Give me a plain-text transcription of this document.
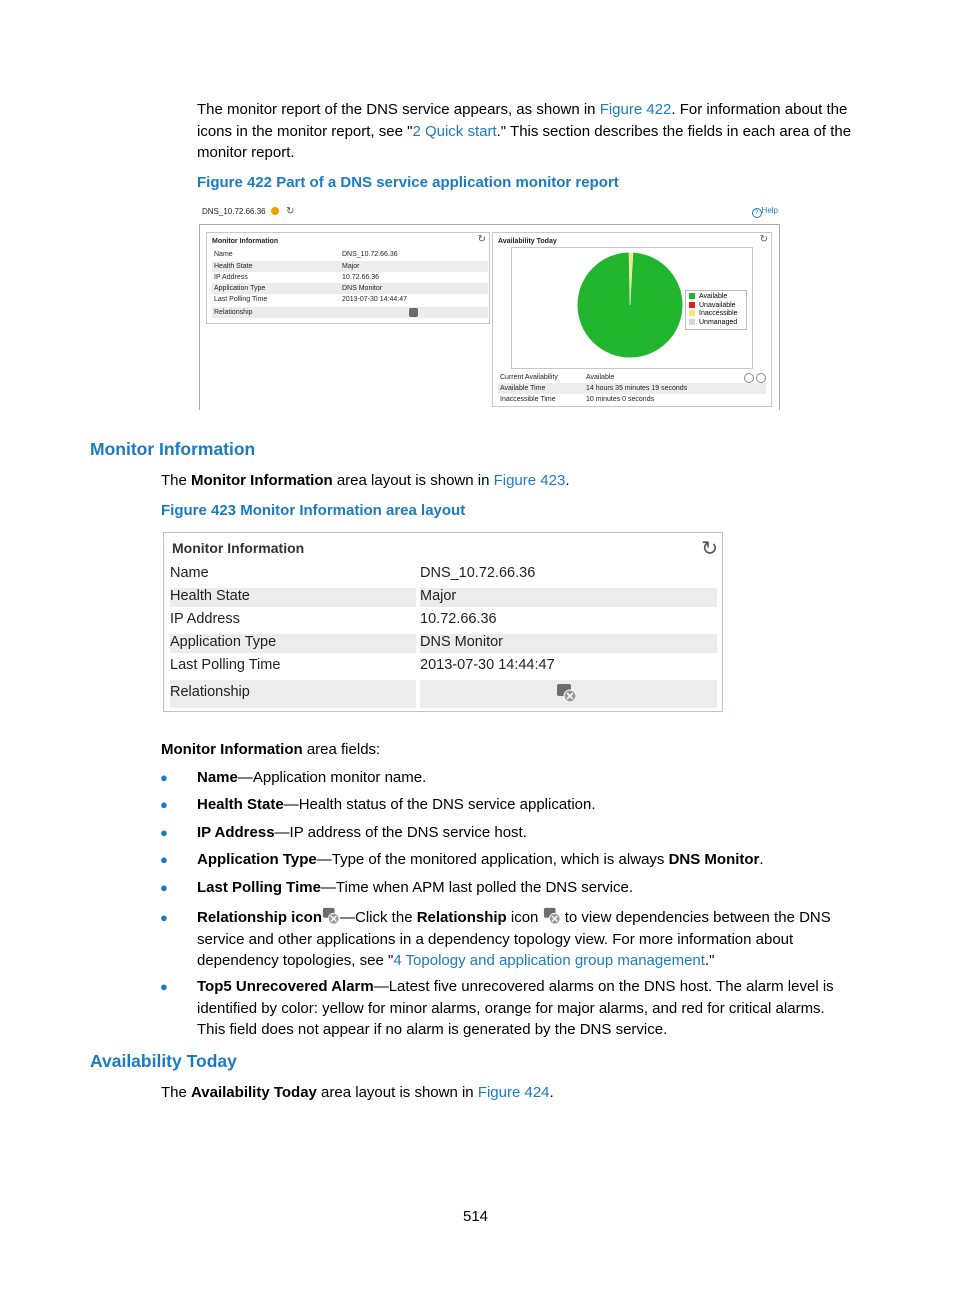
The monitor report of the DNS service appears, as shown in Figure 422. For information about the
icons in the monitor report, see "2 Quick start." This section describes the fields in each area of the
monitor report.
Figure 422 Part of a DNS service application monitor report
DNS_10.72.66.36 ↻	? Help
Monitor Information	↻
Name	DNS_10.72.66.36
Health State	Major
IP Address	10.72.66.36
Application Type	DNS Monitor
Last Polling Time	2013-07-30 14:44:47
Relationship
Availability Today	↻
Available
Unavailable
Inaccessible
Unmanaged
Current Availability	Available
Available Time	14 hours 35 minutes 19 seconds
Inaccessible Time	10 minutes 0 seconds
Monitor Information
The Monitor Information area layout is shown in Figure 423.
Figure 423 Monitor Information area layout
Monitor Information	↻
Name	DNS_10.72.66.36
Health State	Major
IP Address	10.72.66.36
Application Type	DNS Monitor
Last Polling Time	2013-07-30 14:44:47
Relationship
Monitor Information area fields:
● Name—Application monitor name.
● Health State—Health status of the DNS service application.
● IP Address—IP address of the DNS service host.
● Application Type—Type of the monitored application, which is always DNS Monitor.
● Last Polling Time—Time when APM last polled the DNS service.
● Relationship icon —Click the Relationship icon  to view dependencies between the DNS
service and other applications in a dependency topology view. For more information about
dependency topologies, see "4 Topology and application group management."
● Top5 Unrecovered Alarm—Latest five unrecovered alarms on the DNS host. The alarm level is
identified by color: yellow for minor alarms, orange for major alarms, and red for critical alarms.
This field does not appear if no alarm is generated by the DNS service.
Availability Today
The Availability Today area layout is shown in Figure 424.
514
